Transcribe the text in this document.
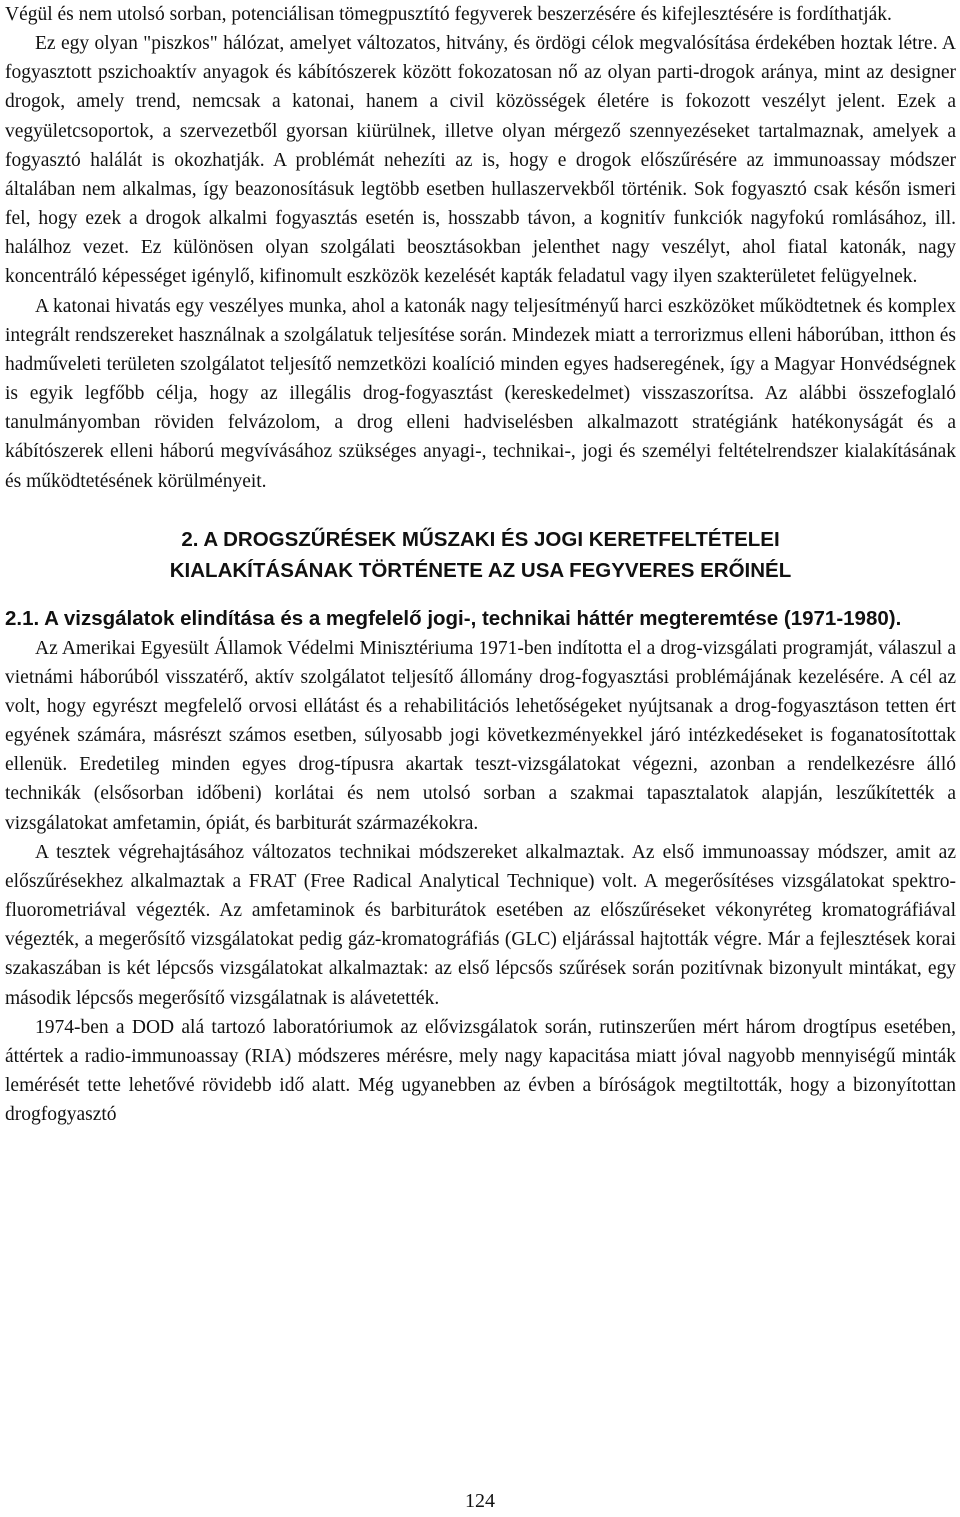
Végül és nem utolsó sorban, potenciálisan tömegpusztító fegyverek beszerzésére és kifejlesztésére is fordíthatják.

Ez egy olyan "piszkos" hálózat, amelyet változatos, hitvány, és ördögi célok megvalósítása érdekében hoztak létre. A fogyasztott pszichoaktív anyagok és kábítószerek között fokozatosan nő az olyan parti-drogok aránya, mint az designer drogok, amely trend, nemcsak a katonai, hanem a civil közösségek életére is fokozott veszélyt jelent. Ezek a vegyületcsoportok, a szervezetből gyorsan kiürülnek, illetve olyan mérgező szennyezéseket tartalmaznak, amelyek a fogyasztó halálát is okozhatják. A problémát nehezíti az is, hogy e drogok előszűrésére az immunoassay módszer általában nem alkalmas, így beazonosításuk legtöbb esetben hullaszervekből történik. Sok fogyasztó csak későn ismeri fel, hogy ezek a drogok alkalmi fogyasztás esetén is, hosszabb távon, a kognitív funkciók nagyfokú romlásához, ill. halálhoz vezet. Ez különösen olyan szolgálati beosztásokban jelenthet nagy veszélyt, ahol fiatal katonák, nagy koncentráló képességet igénylő, kifinomult eszközök kezelését kapták feladatul vagy ilyen szakterületet felügyelnek.

A katonai hivatás egy veszélyes munka, ahol a katonák nagy teljesítményű harci eszközöket működtetnek és komplex integrált rendszereket használnak a szolgálatuk teljesítése során. Mindezek miatt a terrorizmus elleni háborúban, itthon és hadműveleti területen szolgálatot teljesítő nemzetközi koalíció minden egyes hadseregének, így a Magyar Honvédségnek is egyik legfőbb célja, hogy az illegális drog-fogyasztást (kereskedelmet) visszaszorítsa. Az alábbi összefoglaló tanulmányomban röviden felvázolom, a drog elleni hadviselésben alkalmazott stratégiánk hatékonyságát és a kábítószerek elleni háború megvívásához szükséges anyagi-, technikai-, jogi és személyi feltételrendszer kialakításának és működtetésének körülményeit.

2. A DROGSZŰRÉSEK MŰSZAKI ÉS JOGI KERETFELTÉTELEI
KIALAKÍTÁSÁNAK TÖRTÉNETE AZ USA FEGYVERES ERŐINÉL
2.1. A vizsgálatok elindítása és a megfelelő jogi-, technikai háttér megteremtése (1971-1980).

Az Amerikai Egyesült Államok Védelmi Minisztériuma 1971-ben indította el a drog-vizsgálati programját, válaszul a vietnámi háborúból visszatérő, aktív szolgálatot teljesítő állomány drog-fogyasztási problémájának kezelésére. A cél az volt, hogy egyrészt megfelelő orvosi ellátást és a rehabilitációs lehetőségeket nyújtsanak a drog-fogyasztáson tetten ért egyének számára, másrészt számos esetben, súlyosabb jogi következményekkel járó intézkedéseket is foganatosítottak ellenük. Eredetileg minden egyes drog-típusra akartak teszt-vizsgálatokat végezni, azonban a rendelkezésre álló technikák (elsősorban időbeni) korlátai és nem utolsó sorban a szakmai tapasztalatok alapján, leszűkítették a vizsgálatokat amfetamin, ópiát, és barbiturát származékokra.

A tesztek végrehajtásához változatos technikai módszereket alkalmaztak. Az első immunoassay módszer, amit az előszűrésekhez alkalmaztak a FRAT (Free Radical Analytical Technique) volt. A megerősítéses vizsgálatokat spektro-fluorometriával végezték. Az amfetaminok és barbiturátok esetében az előszűréseket vékonyréteg kromatográfiával végezték, a megerősítő vizsgálatokat pedig gáz-kromatográfiás (GLC) eljárással hajtották végre. Már a fejlesztések korai szakaszában is két lépcsős vizsgálatokat alkalmaztak: az első lépcsős szűrések során pozitívnak bizonyult mintákat, egy második lépcsős megerősítő vizsgálatnak is alávetették.

1974-ben a DOD alá tartozó laboratóriumok az elővizsgálatok során, rutinszerűen mért három drogtípus esetében, áttértek a radio-immunoassay (RIA) módszeres mérésre, mely nagy kapacitása miatt jóval nagyobb mennyiségű minták lemérését tette lehetővé rövidebb idő alatt. Még ugyanebben az évben a bíróságok megtiltották, hogy a bizonyítottan drogfogyasztó

124
